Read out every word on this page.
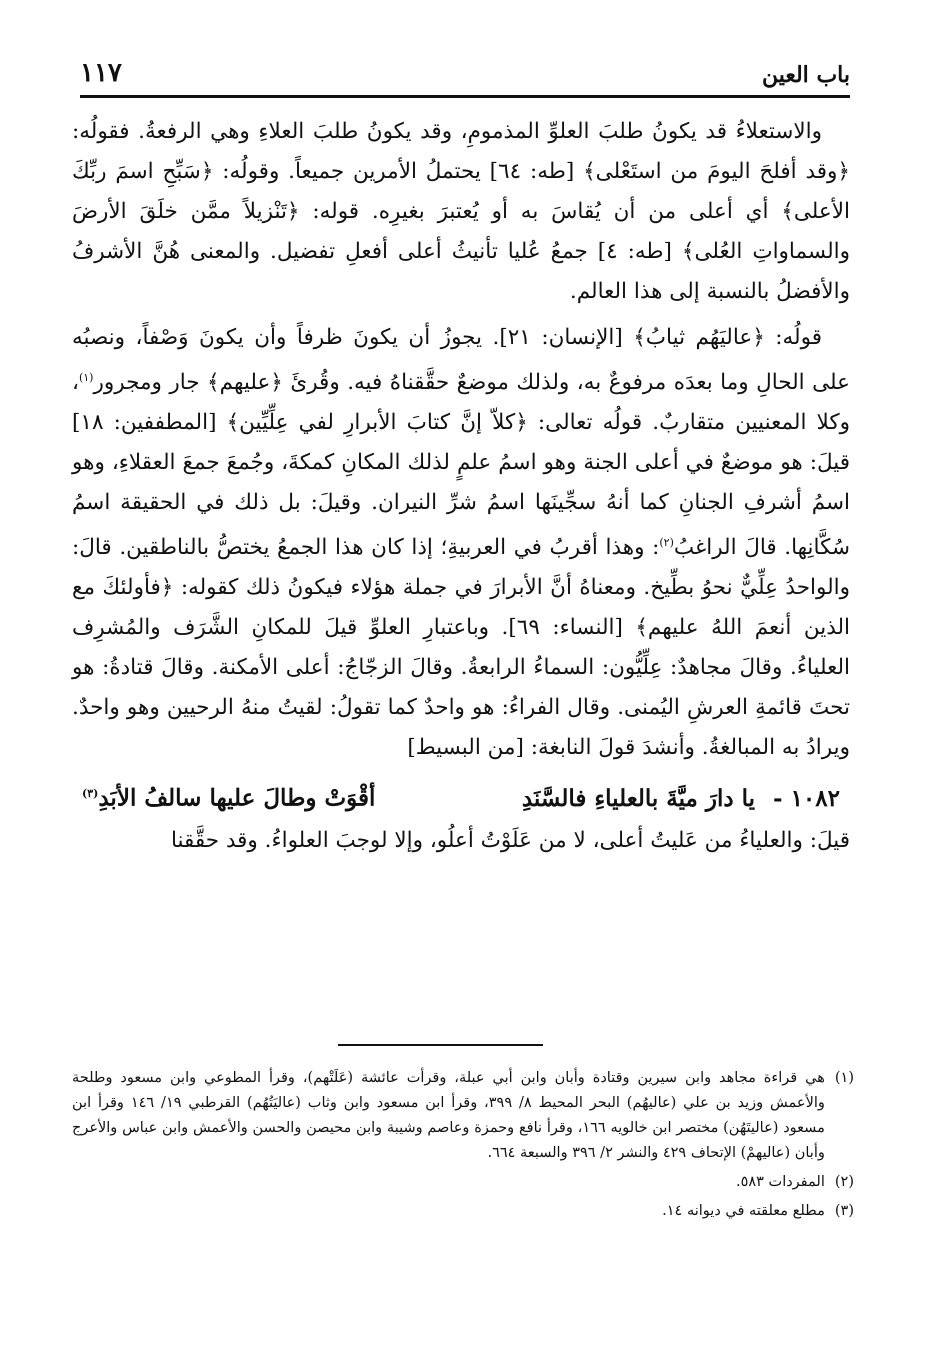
باب العين
١١٧

والاستعلاءُ قد يكونُ طلبَ العلوِّ المذمومِ، وقد يكونُ طلبَ العلاءِ وهي الرفعةُ. فقولُه: ﴿وقد أفلحَ اليومَ من استَعْلى﴾ [طه: ٦٤] يحتملُ الأمرين جميعاً. وقولُه: ﴿سَبِّحِ اسمَ ربِّكَ الأعلى﴾ أي أعلى من أن يُقاسَ به أو يُعتبرَ بغيرِه. قوله: ﴿تَنْزيلاً ممَّن خلَقَ الأرضَ والسماواتِ العُلى﴾ [طه: ٤] جمعُ عُليا تأنيثُ أعلى أفعلِ تفضيل. والمعنى هُنَّ الأشرفُ والأفضلُ بالنسبة إلى هذا العالم.

قولُه: ﴿عاليَهُم ثيابُ﴾ [الإنسان: ٢١]. يجوزُ أن يكونَ ظرفاً وأن يكونَ وَصْفاً، ونصبُه على الحالِ وما بعدَه مرفوعٌ به، ولذلك موضعٌ حقَّقناهُ فيه. وقُرئَ ﴿عليهم﴾ جار ومجرور$^{(١)}$، وكلا المعنيين متقاربٌ. قولُه تعالى: ﴿كلاّ إنَّ كتابَ الأبرارِ لفي عِلِّيِّين﴾ [المطففين: ١٨] قيلَ: هو موضعٌ في أعلى الجنة وهو اسمُ علمٍ لذلك المكانِ كمكةَ، وجُمعَ جمعَ العقلاءِ، وهو اسمُ أشرفِ الجنانِ كما أنهُ سجِّينَها اسمُ شرِّ النيران. وقيلَ: بل ذلك في الحقيقة اسمُ سُكَّانِها. قالَ الراغبُ$^{(٢)}$: وهذا أقربُ في العربيةِ؛ إذا كان هذا الجمعُ يختصُّ بالناطقين. قالَ: والواحدُ عِلِّيٌّ نحوُ بطِّيخ. ومعناهُ أنَّ الأبرارَ في جملة هؤلاء فيكونُ ذلك كقوله: ﴿فأولئكَ مع الذين أنعمَ اللهُ عليهم﴾ [النساء: ٦٩]. وباعتبارِ العلوِّ قيلَ للمكانِ الشَّرَف والمُشرِف العلياءُ. وقالَ مجاهدٌ: عِلِّيُّون: السماءُ الرابعةُ. وقالَ الزجّاجُ: أعلى الأمكنة. وقالَ قتادةُ: هو تحتَ قائمةِ العرشِ اليُمنى. وقال الفراءُ: هو واحدٌ كما تقولُ: لقيتُ منهُ الرحيين وهو واحدٌ. ويرادُ به المبالغةُ. وأنشدَ قولَ النابغة: [من البسيط]

١٠٨٢ -
يا دارَ ميَّةَ بالعلياءِ فالسَّنَدِ
أقْوَتْ وطالَ عليها سالفُ الأبَدِ$^{(٣)}$

قيلَ: والعلياءُ من عَليتُ أعلى، لا من عَلَوْتُ أعلُو، وإلا لوجبَ العلواءُ. وقد حقَّقنا

(١)
هي قراءة مجاهد وابن سيرين وقتادة وأبان وابن أبي عبلة، وقرأت عائشة (عَلَتْهم)، وقرأ المطوعي وابن مسعود وطلحة والأعمش وزيد بن علي (عاليهُم) البحر المحيط ٨/ ٣٩٩، وقرأ ابن مسعود وابن وثاب (عاليَتُهُم) القرطبي ١٩/ ١٤٦ وقرأ ابن مسعود (عاليتَهُن) مختصر ابن خالويه ١٦٦، وقرأ نافع وحمزة وعاصم وشيبة وابن محيصن والحسن والأعمش وابن عباس والأعرج وأبان (عاليهمْ) الإتحاف ٤٢٩ والنشر ٢/ ٣٩٦ والسبعة ٦٦٤.
(٢)
المفردات ٥٨٣.
(٣)
مطلع معلقته في ديوانه ١٤.
